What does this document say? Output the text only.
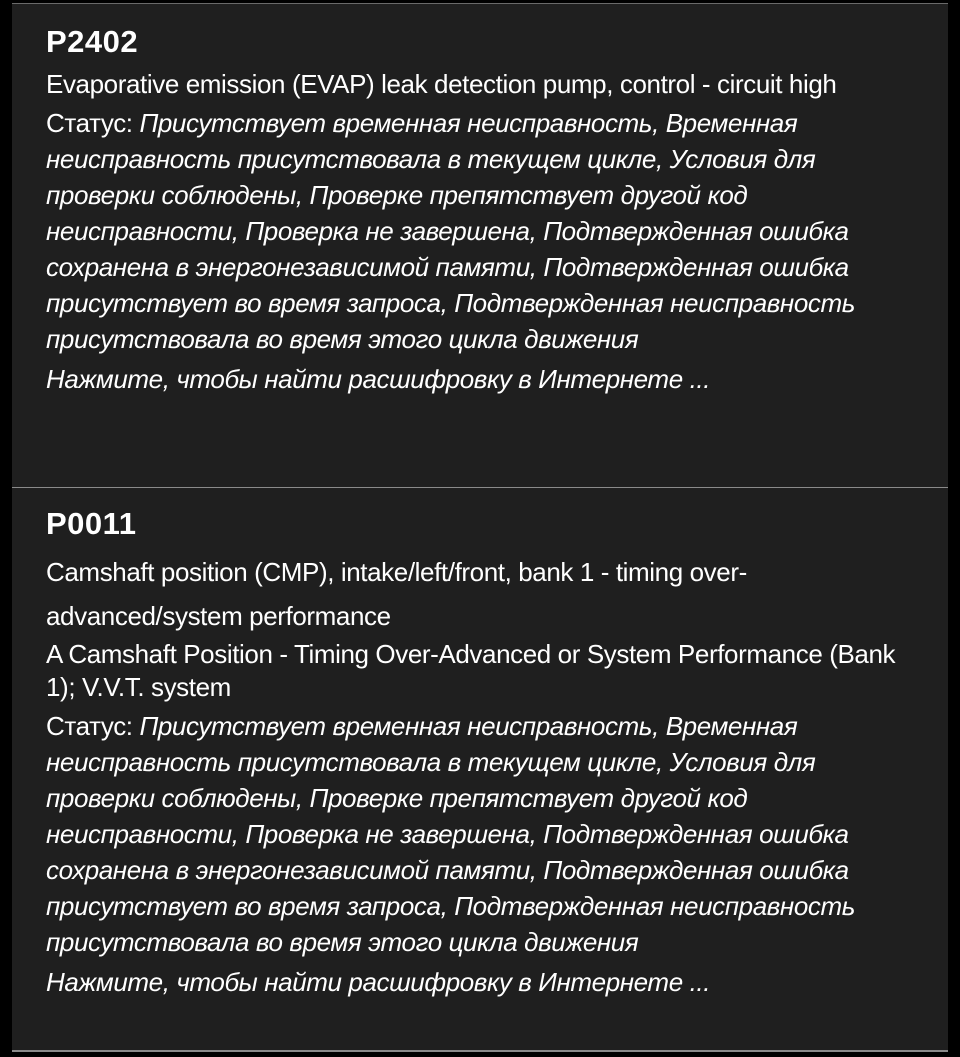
P2402

Evaporative emission (EVAP) leak detection pump, control - circuit high

Статус: Присутствует временная неисправность, Временная неисправность присутствовала в текущем цикле, Условия для проверки соблюдены, Проверке препятствует другой код неисправности, Проверка не завершена, Подтвержденная ошибка сохранена в энергонезависимой памяти, Подтвержденная ошибка присутствует во время запроса, Подтвержденная неисправность присутствовала во время этого цикла движения

Нажмите, чтобы найти расшифровку в Интернете ...

P0011

Camshaft position (CMP), intake/left/front, bank 1 - timing over-advanced/system performance

A Camshaft Position - Timing Over-Advanced or System Performance (Bank 1); V.V.T. system

Статус: Присутствует временная неисправность, Временная неисправность присутствовала в текущем цикле, Условия для проверки соблюдены, Проверке препятствует другой код неисправности, Проверка не завершена, Подтвержденная ошибка сохранена в энергонезависимой памяти, Подтвержденная ошибка присутствует во время запроса, Подтвержденная неисправность присутствовала во время этого цикла движения

Нажмите, чтобы найти расшифровку в Интернете ...
